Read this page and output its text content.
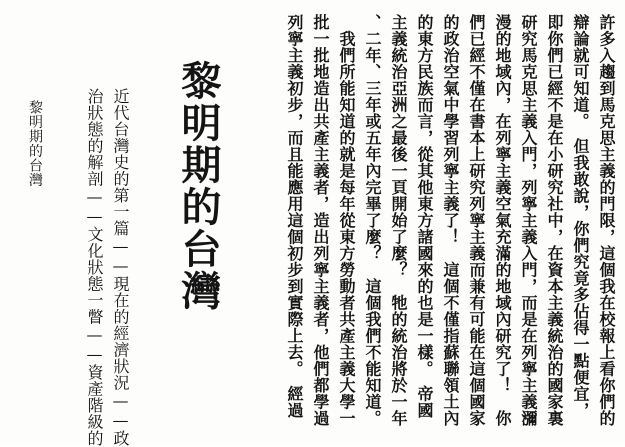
許多入趨到馬克思主義的門限，這個我在校報上看你們的
辯論就可知道。　但我敢說，你們究竟多佔得一點便宜，
即你們已經不是在小研究社中，在資本主義統治的國家裏
研究馬克思主義入門，列寧主義入門，而是在列寧主義瀰
漫的地域內，在列寧主義空氣充滿的地域內研究了！　你
們已經不僅在書本上研究列寧主義而兼有可能在這個國家
的政治空氣中學習列寧主義了！　這個不僅指蘇聯領土內
的東方民族而言，從其他東方諸國來的也是一樣。　帝國
主義統治亞洲之最後一頁開始了麼？　牠的統治將於一年
、二年、三年或五年內完畢了麼？　這個我們不能知道。
　我們所能知道的就是每年從東方勞動者共產主義大學一
批一批地造出共產主義者，造出列寧主義者，他們都學過
列寧主義初步，而且能應用這個初步到實際上去。　經過
黎明期的台灣
近代台灣史的第一篇——現在的經濟狀況——政
治狀態的解剖——文化狀態一瞥——資產階級的
黎明期的台灣
